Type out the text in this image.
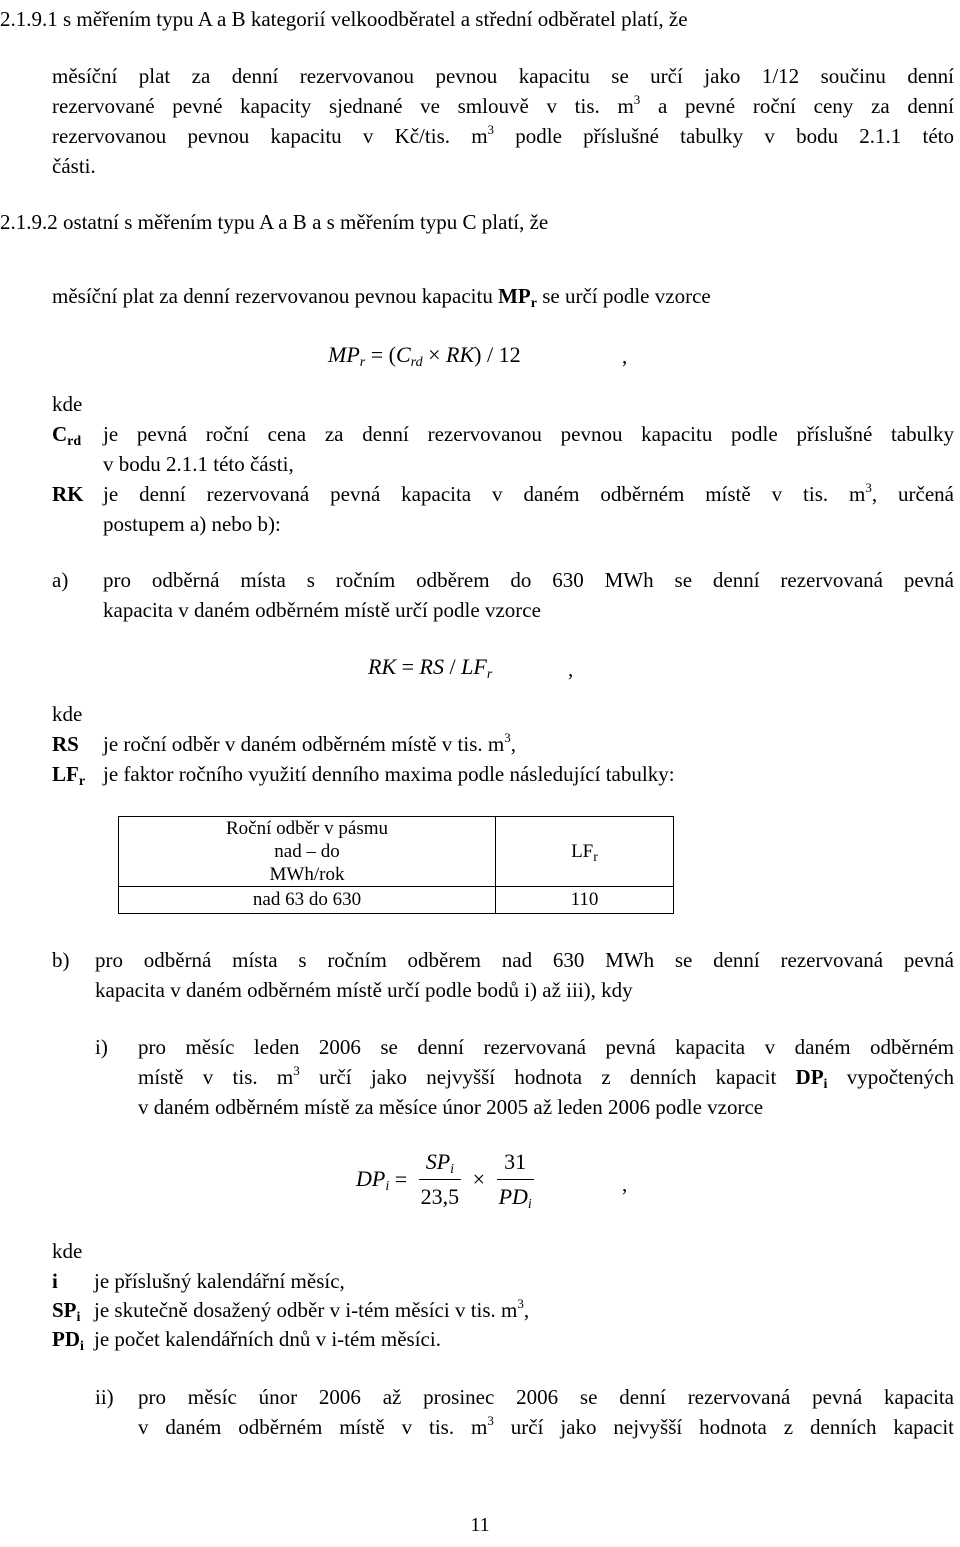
2.1.9.1 s měřením typu A a B kategorií velkoodběratel a střední odběratel platí, že
měsíční plat za denní rezervovanou pevnou kapacitu se určí jako 1/12 součinu denní
rezervované pevné kapacity sjednané ve smlouvě v tis. $m^3$ a pevné roční ceny za denní
rezervovanou pevnou kapacitu v Kč/tis. $m^3$ podle příslušné tabulky v bodu 2.1.1 této
části.
2.1.9.2 ostatní s měřením typu A a B a s měřením typu C platí, že
měsíční plat za denní rezervovanou pevnou kapacitu $MP_r$ se určí podle vzorce
$MP_r = (C_{rd} \times RK) / 12$	,
kde
$C_{rd}$ je pevná roční cena za denní rezervovanou pevnou kapacitu podle příslušné tabulky
v bodu 2.1.1 této části,
RK je denní rezervovaná pevná kapacita v daném odběrném místě v tis. $m^3$, určená
postupem a) nebo b):
a) pro odběrná místa s ročním odběrem do 630 MWh se denní rezervovaná pevná
kapacita v daném odběrném místě určí podle vzorce
RK = RS / $LF_r$	,
kde
RS je roční odběr v daném odběrném místě v tis. $m^3$,
$LF_r$ je faktor ročního využití denního maxima podle následující tabulky:
Roční odběr v pásmu
nad – do
MWh/rok	$LF_r$
nad 63 do 630	110
b) pro odběrná místa s ročním odběrem nad 630 MWh se denní rezervovaná pevná
kapacita v daném odběrném místě určí podle bodů i) až iii), kdy
i) pro měsíc leden 2006 se denní rezervovaná pevná kapacita v daném odběrném
místě v tis. $m^3$ určí jako nejvyšší hodnota z denních kapacit $DP_i$ vypočtených
v daném odběrném místě za měsíce únor 2005 až leden 2006 podle vzorce
$DP_i = \frac{SP_i}{23,5} \times \frac{31}{PD_i}$	,
kde
i je příslušný kalendářní měsíc,
$SP_i$ je skutečně dosažený odběr v i-tém měsíci v tis. $m^3$,
$PD_i$ je počet kalendářních dnů v i-tém měsíci.
ii) pro měsíc únor 2006 až prosinec 2006 se denní rezervovaná pevná kapacita
v daném odběrném místě v tis. $m^3$ určí jako nejvyšší hodnota z denních kapacit
11
